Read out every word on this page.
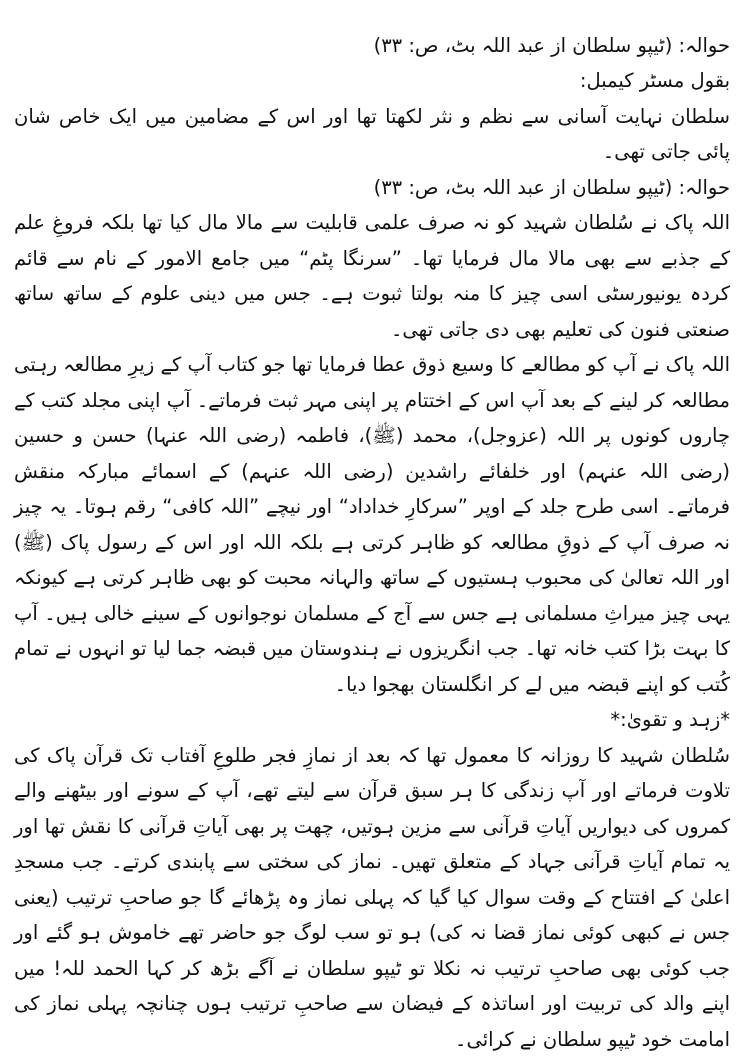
حوالہ: (ٹیپو سلطان از عبد اللہ بٹ، ص: ۳۳)

بقول مسٹر کیمبل:

سلطان نہایت آسانی سے نظم و نثر لکھتا تھا اور اس کے مضامین میں ایک خاص شان پائی جاتی تھی۔

حوالہ: (ٹیپو سلطان از عبد اللہ بٹ، ص: ۳۳)

اللہ پاک نے سُلطان شہید کو نہ صرف علمی قابلیت سے مالا مال کیا تھا بلکہ فروغِ علم کے جذبے سے بھی مالا مال فرمایا تھا۔ ”سرنگا پٹم“ میں جامع الامور کے نام سے قائم کردہ یونیورسٹی اسی چیز کا منہ بولتا ثبوت ہے۔ جس میں دینی علوم کے ساتھ ساتھ صنعتی فنون کی تعلیم بھی دی جاتی تھی۔

اللہ پاک نے آپ کو مطالعے کا وسیع ذوق عطا فرمایا تھا جو کتاب آپ کے زیرِ مطالعہ رہتی مطالعہ کر لینے کے بعد آپ اس کے اختتام پر اپنی مہر ثبت فرماتے۔ آپ اپنی مجلد کتب کے چاروں کونوں پر اللہ (عزوجل)، محمد (ﷺ)، فاطمہ (رضی اللہ عنہا) حسن و حسین (رضی اللہ عنہم) اور خلفائے راشدین (رضی اللہ عنہم) کے اسمائے مبارکہ منقش فرماتے۔ اسی طرح جلد کے اوپر ”سرکارِ خداداد“ اور نیچے ”اللہ کافی“ رقم ہوتا۔ یہ چیز نہ صرف آپ کے ذوقِ مطالعہ کو ظاہر کرتی ہے بلکہ اللہ اور اس کے رسول پاک (ﷺ) اور اللہ تعالیٰ کی محبوب ہستیوں کے ساتھ والہانہ محبت کو بھی ظاہر کرتی ہے کیونکہ یہی چیز میراثِ مسلمانی ہے جس سے آج کے مسلمان نوجوانوں کے سینے خالی ہیں۔ آپ کا بہت بڑا کتب خانہ تھا۔ جب انگریزوں نے ہندوستان میں قبضہ جما لیا تو انہوں نے تمام کُتب کو اپنے قبضہ میں لے کر انگلستان بھجوا دیا۔

*زہد و تقویٰ:*

سُلطان شہید کا روزانہ کا معمول تھا کہ بعد از نمازِ فجر طلوعِ آفتاب تک قرآن پاک کی تلاوت فرماتے اور آپ زندگی کا ہر سبق قرآن سے لیتے تھے، آپ کے سونے اور بیٹھنے والے کمروں کی دیواریں آیاتِ قرآنی سے مزین ہوتیں، چھت پر بھی آیاتِ قرآنی کا نقش تھا اور یہ تمام آیاتِ قرآنی جہاد کے متعلق تھیں۔ نماز کی سختی سے پابندی کرتے۔ جب مسجدِ اعلیٰ کے افتتاح کے وقت سوال کیا گیا کہ پہلی نماز وہ پڑھائے گا جو صاحبِ ترتیب (یعنی جس نے کبھی کوئی نماز قضا نہ کی) ہو تو سب لوگ جو حاضر تھے خاموش ہو گئے اور جب کوئی بھی صاحبِ ترتیب نہ نکلا تو ٹیپو سلطان نے آگے بڑھ کر کہا الحمد للہ! میں اپنے والد کی تربیت اور اساتذہ کے فیضان سے صاحبِ ترتیب ہوں چنانچہ پہلی نماز کی امامت خود ٹیپو سلطان نے کرائی۔
